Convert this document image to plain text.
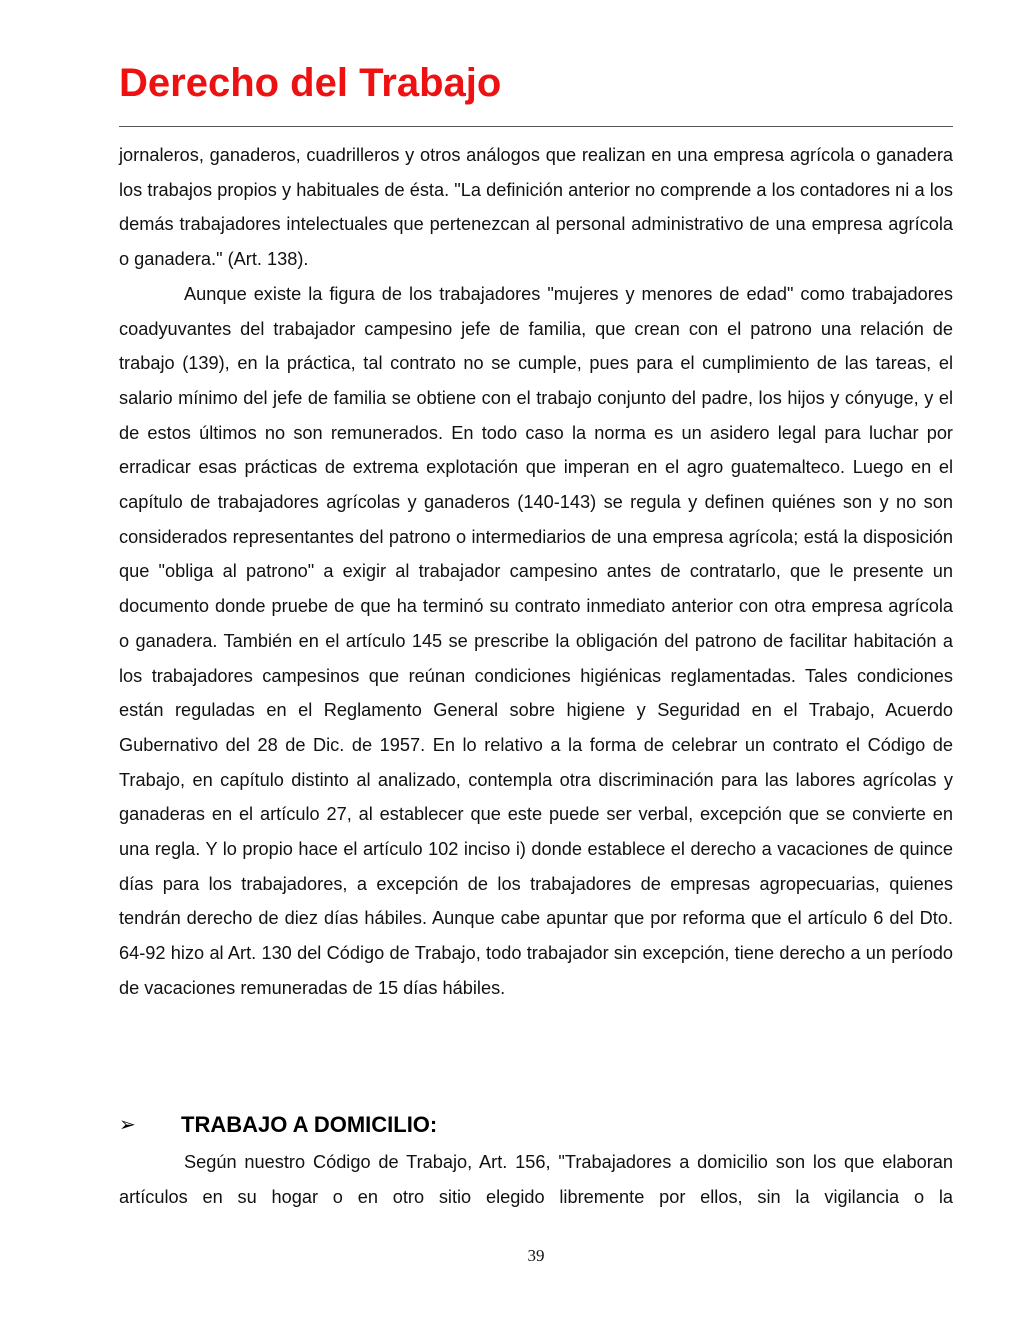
Derecho del Trabajo

jornaleros, ganaderos, cuadrilleros y otros análogos que realizan en una empresa agrícola o ganadera los trabajos propios y habituales de ésta. "La definición anterior no comprende a los contadores ni a los demás trabajadores intelectuales que pertenezcan al personal administrativo de una empresa agrícola o ganadera." (Art. 138).

Aunque existe la figura de los trabajadores "mujeres y menores de edad" como trabajadores coadyuvantes del trabajador campesino jefe de familia, que crean con el patrono una relación de trabajo (139), en la práctica, tal contrato no se cumple, pues para el cumplimiento de las tareas, el salario mínimo del jefe de familia se obtiene con el trabajo conjunto del padre, los hijos y cónyuge, y el de estos últimos no son remunerados. En todo caso la norma es un asidero legal para luchar por erradicar esas prácticas de extrema explotación que imperan en el agro guatemalteco. Luego en el capítulo de trabajadores agrícolas y ganaderos (140-143) se regula y definen quiénes son y no son considerados representantes del patrono o intermediarios de una empresa agrícola; está la disposición que "obliga al patrono" a exigir al trabajador campesino antes de contratarlo, que le presente un documento donde pruebe de que ha terminó su contrato inmediato anterior con otra empresa agrícola o ganadera. También en el artículo 145 se prescribe la obligación del patrono de facilitar habitación a los trabajadores campesinos que reúnan condiciones higiénicas reglamentadas. Tales condiciones están reguladas en el Reglamento General sobre higiene y Seguridad en el Trabajo, Acuerdo Gubernativo del 28 de Dic. de 1957. En lo relativo a la forma de celebrar un contrato el Código de Trabajo, en capítulo distinto al analizado, contempla otra discriminación para las labores agrícolas y ganaderas en el artículo 27, al establecer que este puede ser verbal, excepción que se convierte en una regla. Y lo propio hace el artículo 102 inciso i) donde establece el derecho a vacaciones de quince días para los trabajadores, a excepción de los trabajadores de empresas agropecuarias, quienes tendrán derecho de diez días hábiles. Aunque cabe apuntar que por reforma que el artículo 6 del Dto. 64-92 hizo al Art. 130 del Código de Trabajo, todo trabajador sin excepción, tiene derecho a un período de vacaciones remuneradas de 15 días hábiles.

➢	TRABAJO A DOMICILIO:

Según nuestro Código de Trabajo, Art. 156, "Trabajadores a domicilio son los que elaboran artículos en su hogar o en otro sitio elegido libremente por ellos, sin la vigilancia o la

39
